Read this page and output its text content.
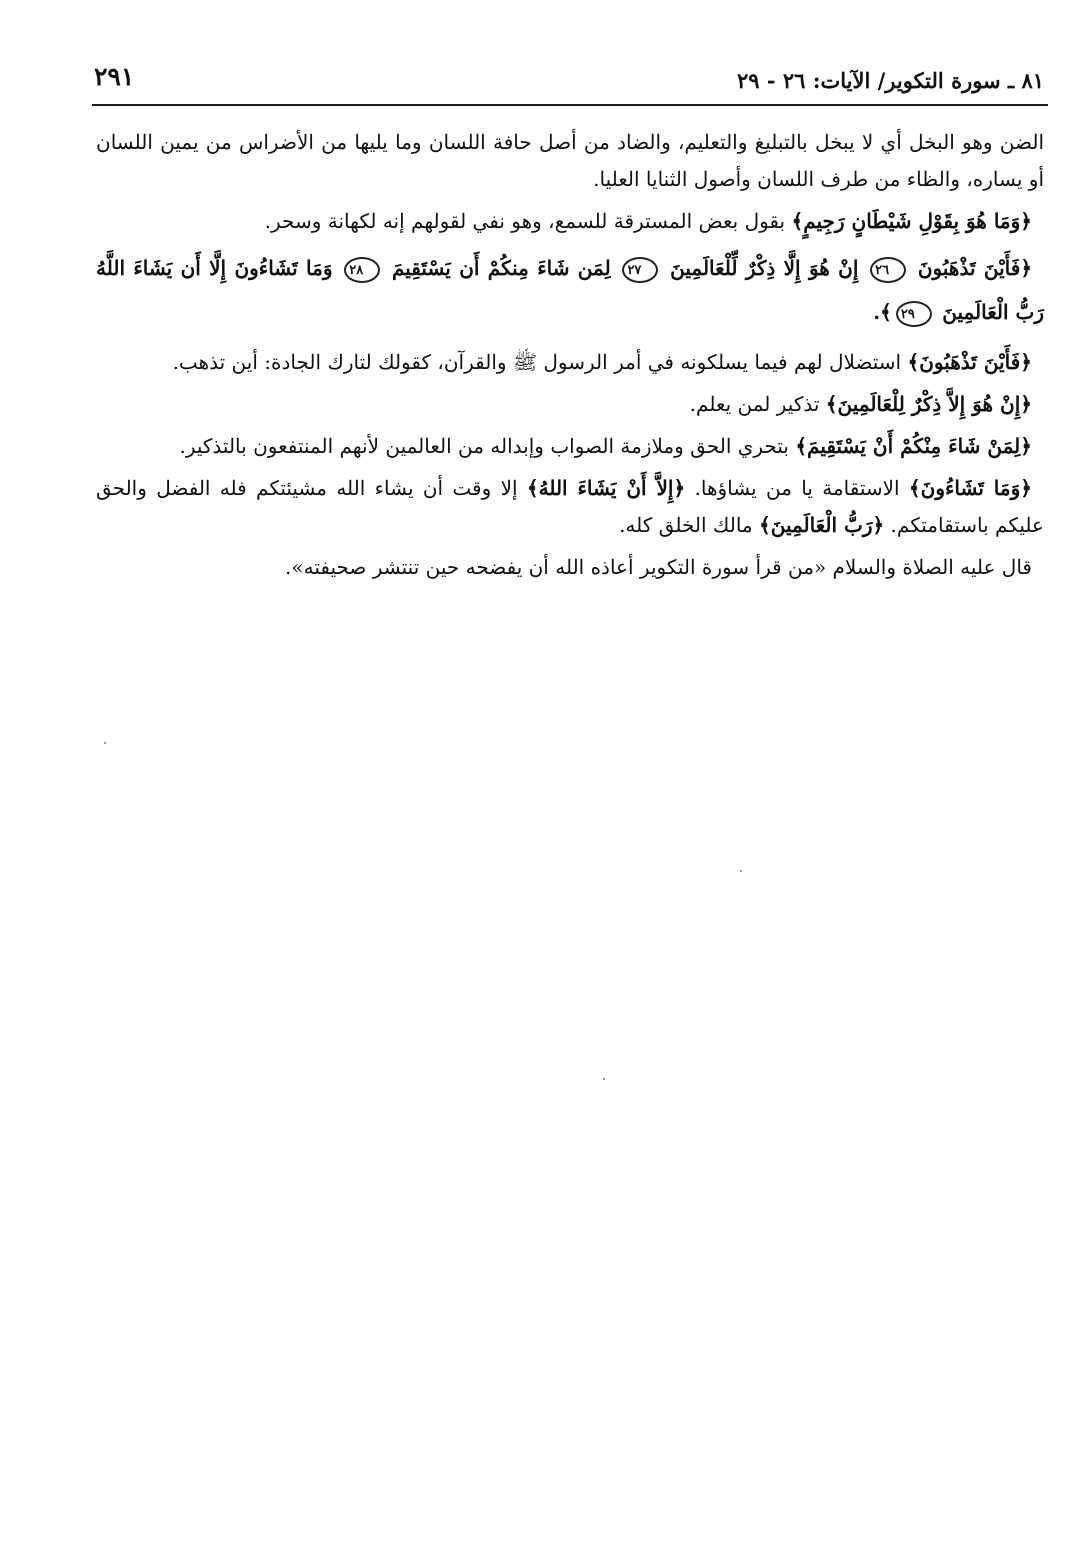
٨١ ـ سورة التكوير/ الآيات: ٢٦ - ٢٩
٢٩١

الضن وهو البخل أي لا يبخل بالتبليغ والتعليم، والضاد من أصل حافة اللسان وما يليها من الأضراس من يمين اللسان أو يساره، والظاء من طرف اللسان وأصول الثنايا العليا.

﴿وَمَا هُوَ بِقَوْلِ شَيْطَانٍ رَجِيمٍ﴾ بقول بعض المسترقة للسمع، وهو نفي لقولهم إنه لكهانة وسحر.

﴿فَأَيْنَ تَذْهَبُونَ ٢٦ إِنْ هُوَ إِلَّا ذِكْرٌ لِّلْعَالَمِينَ ٢٧ لِمَن شَاءَ مِنكُمْ أَن يَسْتَقِيمَ ٢٨ وَمَا تَشَاءُونَ إِلَّا أَن يَشَاءَ اللَّهُ رَبُّ الْعَالَمِينَ ٢٩﴾.

﴿فَأَيْنَ تَذْهَبُونَ﴾ استضلال لهم فيما يسلكونه في أمر الرسول ﷺ والقرآن، كقولك لتارك الجادة: أين تذهب.

﴿إِنْ هُوَ إِلاَّ ذِكْرٌ لِلْعَالَمِينَ﴾ تذكير لمن يعلم.

﴿لِمَنْ شَاءَ مِنْكُمْ أَنْ يَسْتَقِيمَ﴾ بتحري الحق وملازمة الصواب وإبداله من العالمين لأنهم المنتفعون بالتذكير.

﴿وَمَا تَشَاءُونَ﴾ الاستقامة يا من يشاؤها. ﴿إِلاَّ أَنْ يَشَاءَ اللهُ﴾ إلا وقت أن يشاء الله مشيئتكم فله الفضل والحق عليكم باستقامتكم. ﴿رَبُّ الْعَالَمِينَ﴾ مالك الخلق كله.

قال عليه الصلاة والسلام «من قرأ سورة التكوير أعاذه الله أن يفضحه حين تنتشر صحيفته».
